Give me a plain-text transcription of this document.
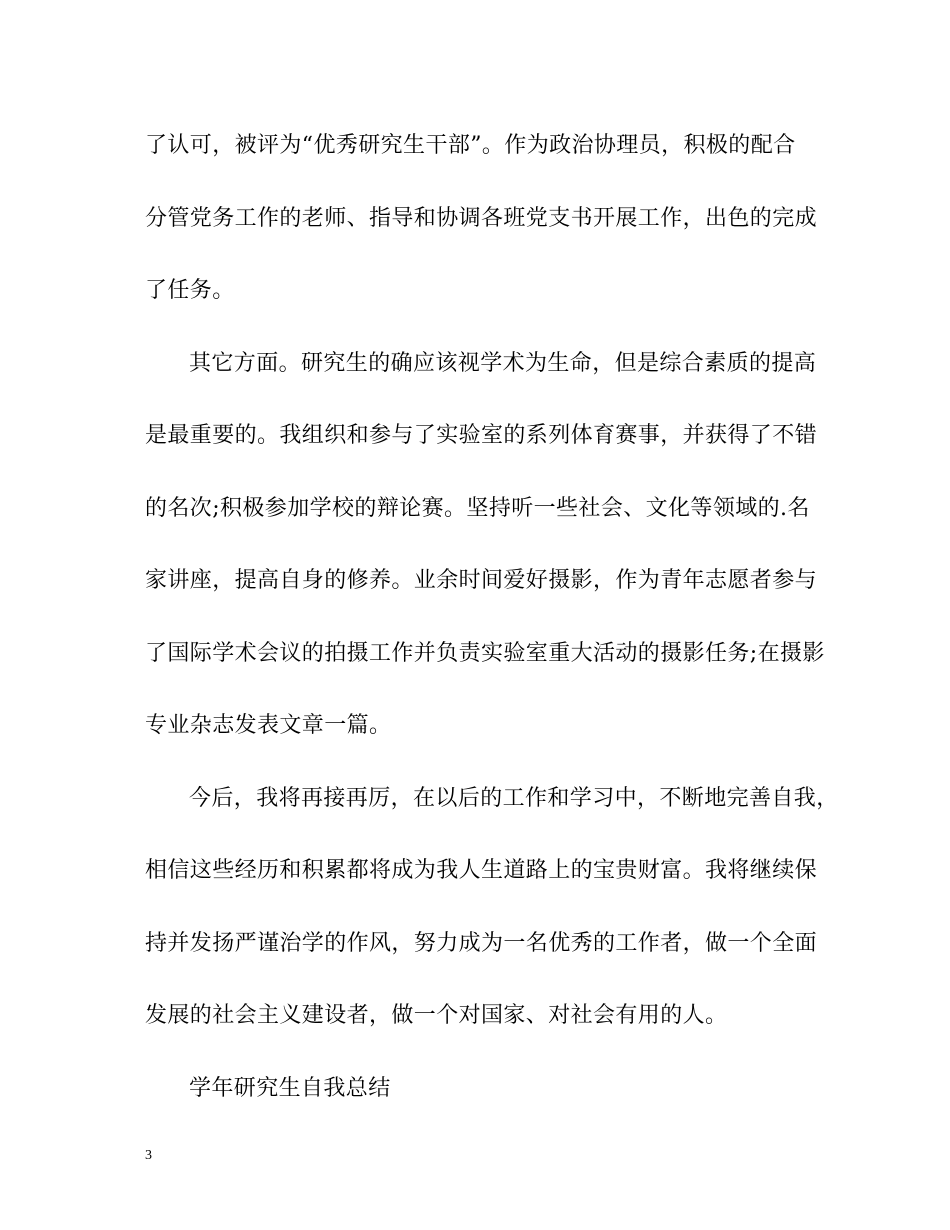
了认可，被评为“优秀研究生干部”。作为政治协理员，积极的配合
分管党务工作的老师、指导和协调各班党支书开展工作，出色的完成
了任务。
其它方面。研究生的确应该视学术为生命，但是综合素质的提高
是最重要的。我组织和参与了实验室的系列体育赛事，并获得了不错
的名次;积极参加学校的辩论赛。坚持听一些社会、文化等领域的.名
家讲座，提高自身的修养。业余时间爱好摄影，作为青年志愿者参与
了国际学术会议的拍摄工作并负责实验室重大活动的摄影任务;在摄影
专业杂志发表文章一篇。
今后，我将再接再厉，在以后的工作和学习中，不断地完善自我，
相信这些经历和积累都将成为我人生道路上的宝贵财富。我将继续保
持并发扬严谨治学的作风，努力成为一名优秀的工作者，做一个全面
发展的社会主义建设者，做一个对国家、对社会有用的人。
学年研究生自我总结
3
